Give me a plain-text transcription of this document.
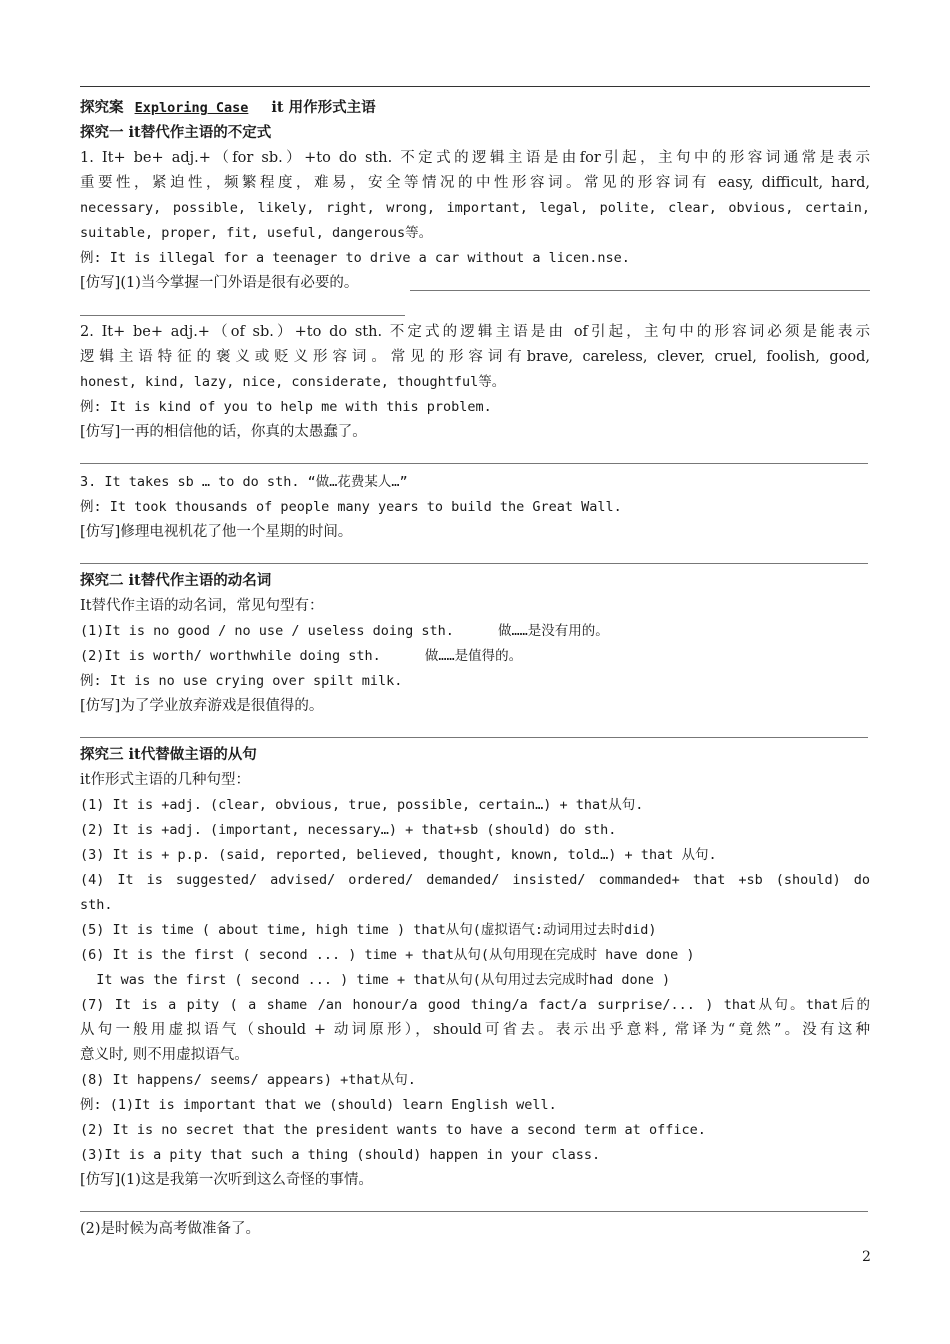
探究案 Exploring Case it 用作形式主语
探究一 it替代作主语的不定式
1. It+ be+ adj.+（for sb.）+to do sth. 不定式的逻辑主语是由for引起，主句中的形容词通常是表示
重要性，紧迫性，频繁程度，难易，安全等情况的中性形容词。常见的形容词有 easy, difficult, hard,
necessary, possible, likely, right, wrong, important, legal, polite, clear, obvious, certain,
suitable, proper, fit, useful, dangerous等。
例: It is illegal for a teenager to drive a car without a licen.nse.
[仿写](1)当今掌握一门外语是很有必要的。
2. It+ be+ adj.+（of sb.）+to do sth. 不定式的逻辑主语是由 of引起，主句中的形容词必须是能表示
逻辑主语特征的褒义或贬义形容词。常见的形容词有brave, careless, clever, cruel, foolish, good,
honest, kind, lazy, nice, considerate, thoughtful等。
例: It is kind of you to help me with this problem.
[仿写]一再的相信他的话，你真的太愚蠢了。
3. It takes sb … to do sth. “做…花费某人…”
例: It took thousands of people many years to build the Great Wall.
[仿写]修理电视机花了他一个星期的时间。
探究二 it替代作主语的动名词
It替代作主语的动名词，常见句型有：
(1)It is no good / no use / useless doing sth.	做……是没有用的。
(2)It is worth/ worthwhile doing sth.	做……是值得的。
例: It is no use crying over spilt milk.
[仿写]为了学业放弃游戏是很值得的。
探究三 it代替做主语的从句
it作形式主语的几种句型：
(1) It is +adj. (clear, obvious, true, possible, certain…) + that从句.
(2) It is +adj. (important, necessary…) + that+sb (should) do sth.
(3) It is + p.p. (said, reported, believed, thought, known, told…) + that 从句.
(4) It is suggested/ advised/ ordered/ demanded/ insisted/ commanded+ that +sb (should) do
sth.
(5) It is time ( about time, high time ) that从句(虚拟语气:动词用过去时did)
(6) It is the first ( second ... ) time + that从句(从句用现在完成时 have done )
It was the first ( second ... ) time + that从句(从句用过去完成时had done )
(7) It is a pity ( a shame /an honour/a good thing/a fact/a surprise/... ) that从句。that后的
从句一般用虚拟语气（should + 动词原形），should可省去。表示出乎意料, 常译为“竟然”。没有这种
意义时, 则不用虚拟语气。
(8) It happens/ seems/ appears) +that从句.
例: (1)It is important that we (should) learn English well.
(2) It is no secret that the president wants to have a second term at office.
(3)It is a pity that such a thing (should) happen in your class.
[仿写](1)这是我第一次听到这么奇怪的事情。
(2)是时候为高考做准备了。
2
